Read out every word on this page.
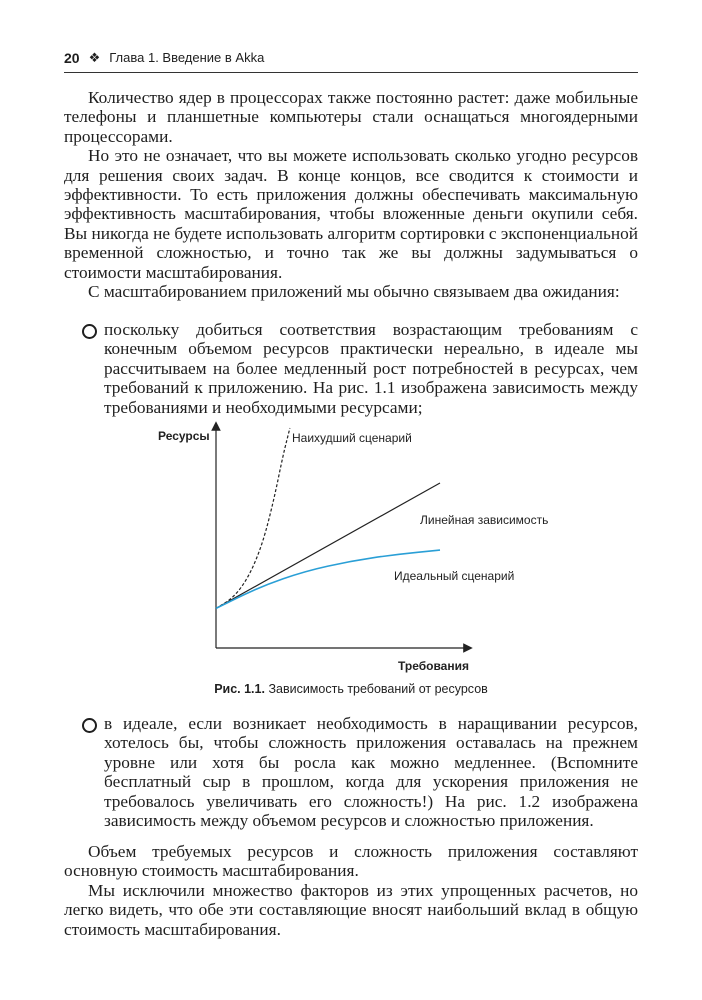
20 ❖ Глава 1. Введение в Akka

Количество ядер в процессорах также постоянно растет: даже мобильные телефоны и планшетные компьютеры стали оснащаться многоядерными процессорами.

Но это не означает, что вы можете использовать сколько угодно ресурсов для решения своих задач. В конце концов, все сводится к стоимости и эффективности. То есть приложения должны обеспечивать максимальную эффективность масштабирования, чтобы вложенные деньги окупили себя. Вы никогда не будете использовать алгоритм сортировки с экспоненциальной временной сложностью, и точно так же вы должны задумываться о стоимости масштабирования.

С масштабированием приложений мы обычно связываем два ожидания:

поскольку добиться соответствия возрастающим требованиям с конечным объемом ресурсов практически нереально, в идеале мы рассчитываем на более медленный рост потребностей в ресурсах, чем требований к приложению. На рис. 1.1 изображена зависимость между требованиями и необходимыми ресурсами;
Ресурсы
Требования
Наихудший сценарий
Линейная зависимость
Идеальный сценарий
Рис. 1.1. Зависимость требований от ресурсов
в идеале, если возникает необходимость в наращивании ресурсов, хотелось бы, чтобы сложность приложения оставалась на прежнем уровне или хотя бы росла как можно медленнее. (Вспомните бесплатный сыр в прошлом, когда для ускорения приложения не требовалось увеличивать его сложность!) На рис. 1.2 изображена зависимость между объемом ресурсов и сложностью приложения.

Объем требуемых ресурсов и сложность приложения составляют основную стоимость масштабирования.

Мы исключили множество факторов из этих упрощенных расчетов, но легко видеть, что обе эти составляющие вносят наибольший вклад в общую стоимость масштабирования.
